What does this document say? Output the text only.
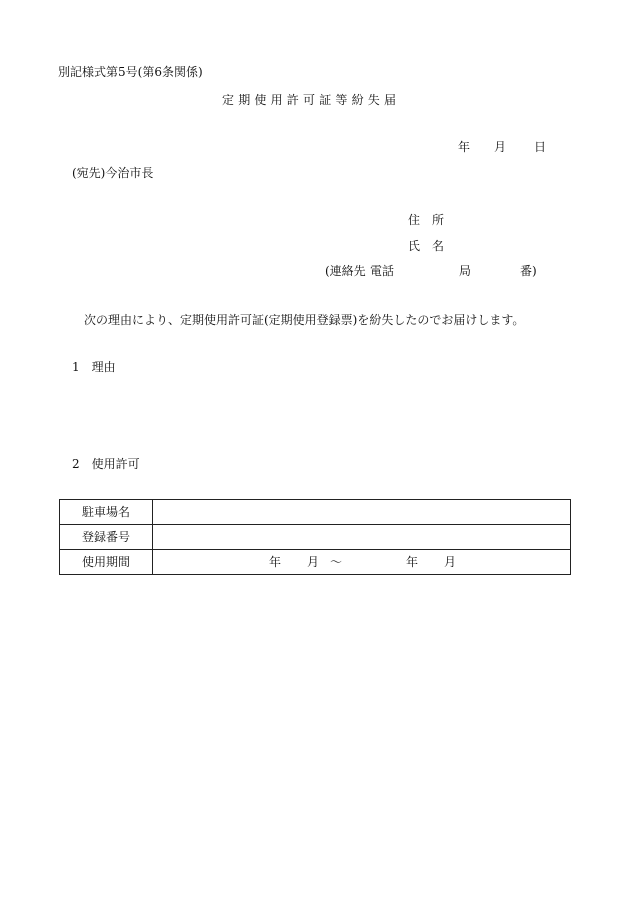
別記様式第5号(第6条関係)
定期使用許可証等紛失届
年 月 日
(宛先)今治市長
住　所
氏　名
(連絡先 電話	局	番)
次の理由により、定期使用許可証(定期使用登録票)を紛失したのでお届けします。
1　理由
2　使用許可
駐車場名	
登録番号	
使用期間	年 月 〜 年 月
